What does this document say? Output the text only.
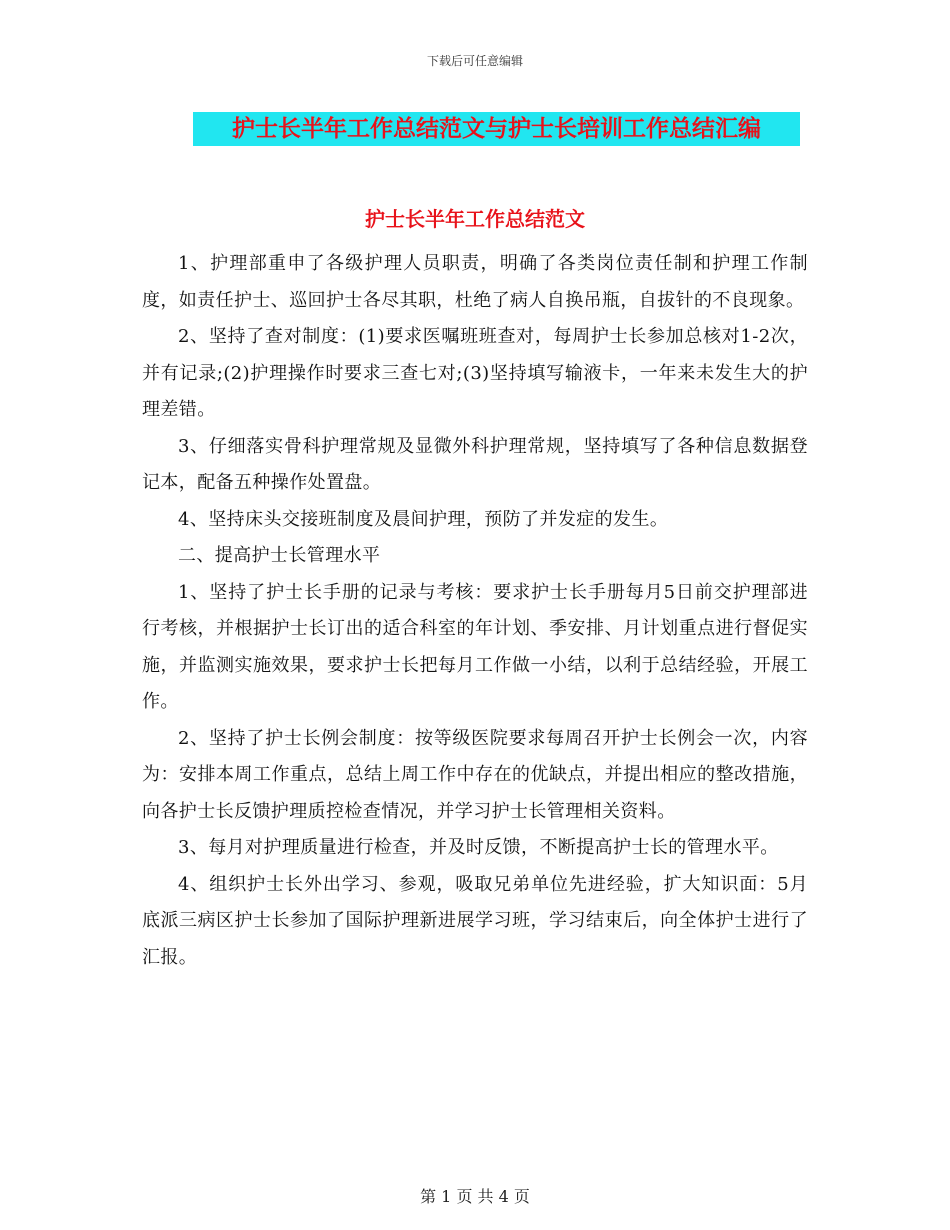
下载后可任意编辑
护士长半年工作总结范文与护士长培训工作总结汇编
护士长半年工作总结范文

1、护理部重申了各级护理人员职责，明确了各类岗位责任制和护理工作制度，如责任护士、巡回护士各尽其职，杜绝了病人自换吊瓶，自拔针的不良现象。

2、坚持了查对制度：(1)要求医嘱班班查对，每周护士长参加总核对1-2次，并有记录;(2)护理操作时要求三查七对;(3)坚持填写输液卡，一年来未发生大的护理差错。

3、仔细落实骨科护理常规及显微外科护理常规，坚持填写了各种信息数据登记本，配备五种操作处置盘。

4、坚持床头交接班制度及晨间护理，预防了并发症的发生。

二、提高护士长管理水平

1、坚持了护士长手册的记录与考核：要求护士长手册每月5日前交护理部进行考核，并根据护士长订出的适合科室的年计划、季安排、月计划重点进行督促实施，并监测实施效果，要求护士长把每月工作做一小结，以利于总结经验，开展工作。

2、坚持了护士长例会制度：按等级医院要求每周召开护士长例会一次，内容为：安排本周工作重点，总结上周工作中存在的优缺点，并提出相应的整改措施，向各护士长反馈护理质控检查情况，并学习护士长管理相关资料。

3、每月对护理质量进行检查，并及时反馈，不断提高护士长的管理水平。

4、组织护士长外出学习、参观，吸取兄弟单位先进经验，扩大知识面：5月底派三病区护士长参加了国际护理新进展学习班，学习结束后，向全体护士进行了汇报。

第 1 页 共 4 页
